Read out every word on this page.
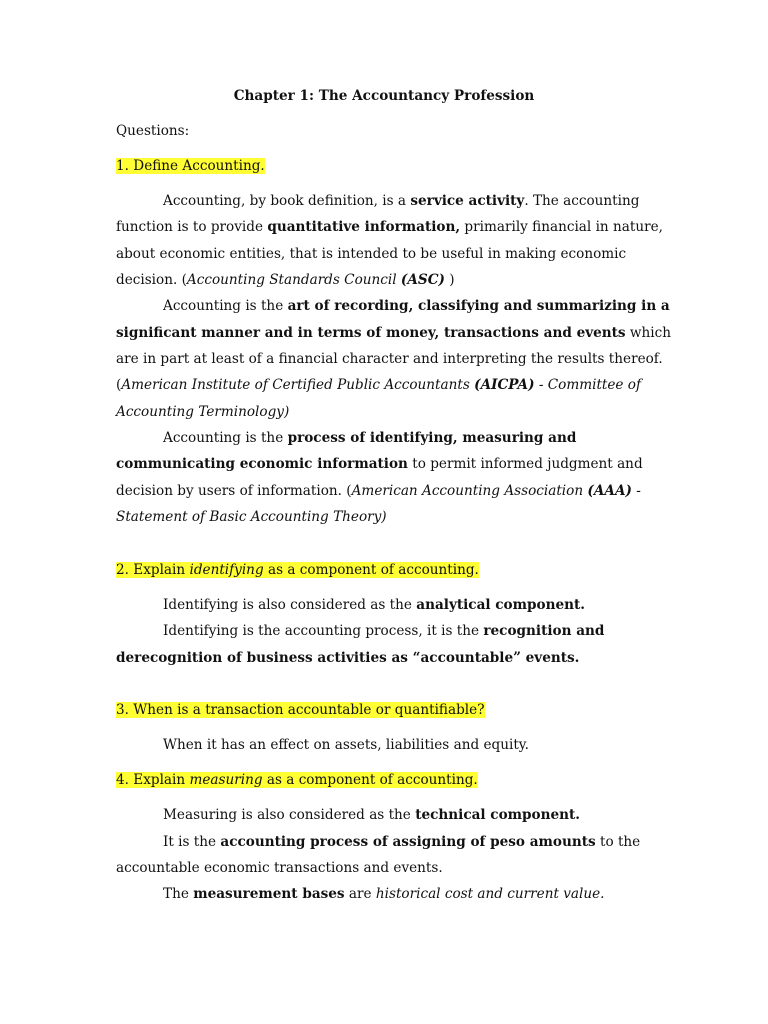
Chapter 1: The Accountancy Profession
Questions:
1. Define Accounting.
Accounting, by book definition, is a service activity. The accounting
function is to provide quantitative information, primarily financial in nature,
about economic entities, that is intended to be useful in making economic
decision. (Accounting Standards Council (ASC) )
Accounting is the art of recording, classifying and summarizing in a
significant manner and in terms of money, transactions and events which
are in part at least of a financial character and interpreting the results thereof.
(American Institute of Certified Public Accountants (AICPA) - Committee of
Accounting Terminology)
Accounting is the process of identifying, measuring and
communicating economic information to permit informed judgment and
decision by users of information. (American Accounting Association (AAA) -
Statement of Basic Accounting Theory)
2. Explain identifying as a component of accounting.
Identifying is also considered as the analytical component.
Identifying is the accounting process, it is the recognition and
derecognition of business activities as “accountable” events.
3. When is a transaction accountable or quantifiable?
When it has an effect on assets, liabilities and equity.
4. Explain measuring as a component of accounting.
Measuring is also considered as the technical component.
It is the accounting process of assigning of peso amounts to the
accountable economic transactions and events.
The measurement bases are historical cost and current value.
